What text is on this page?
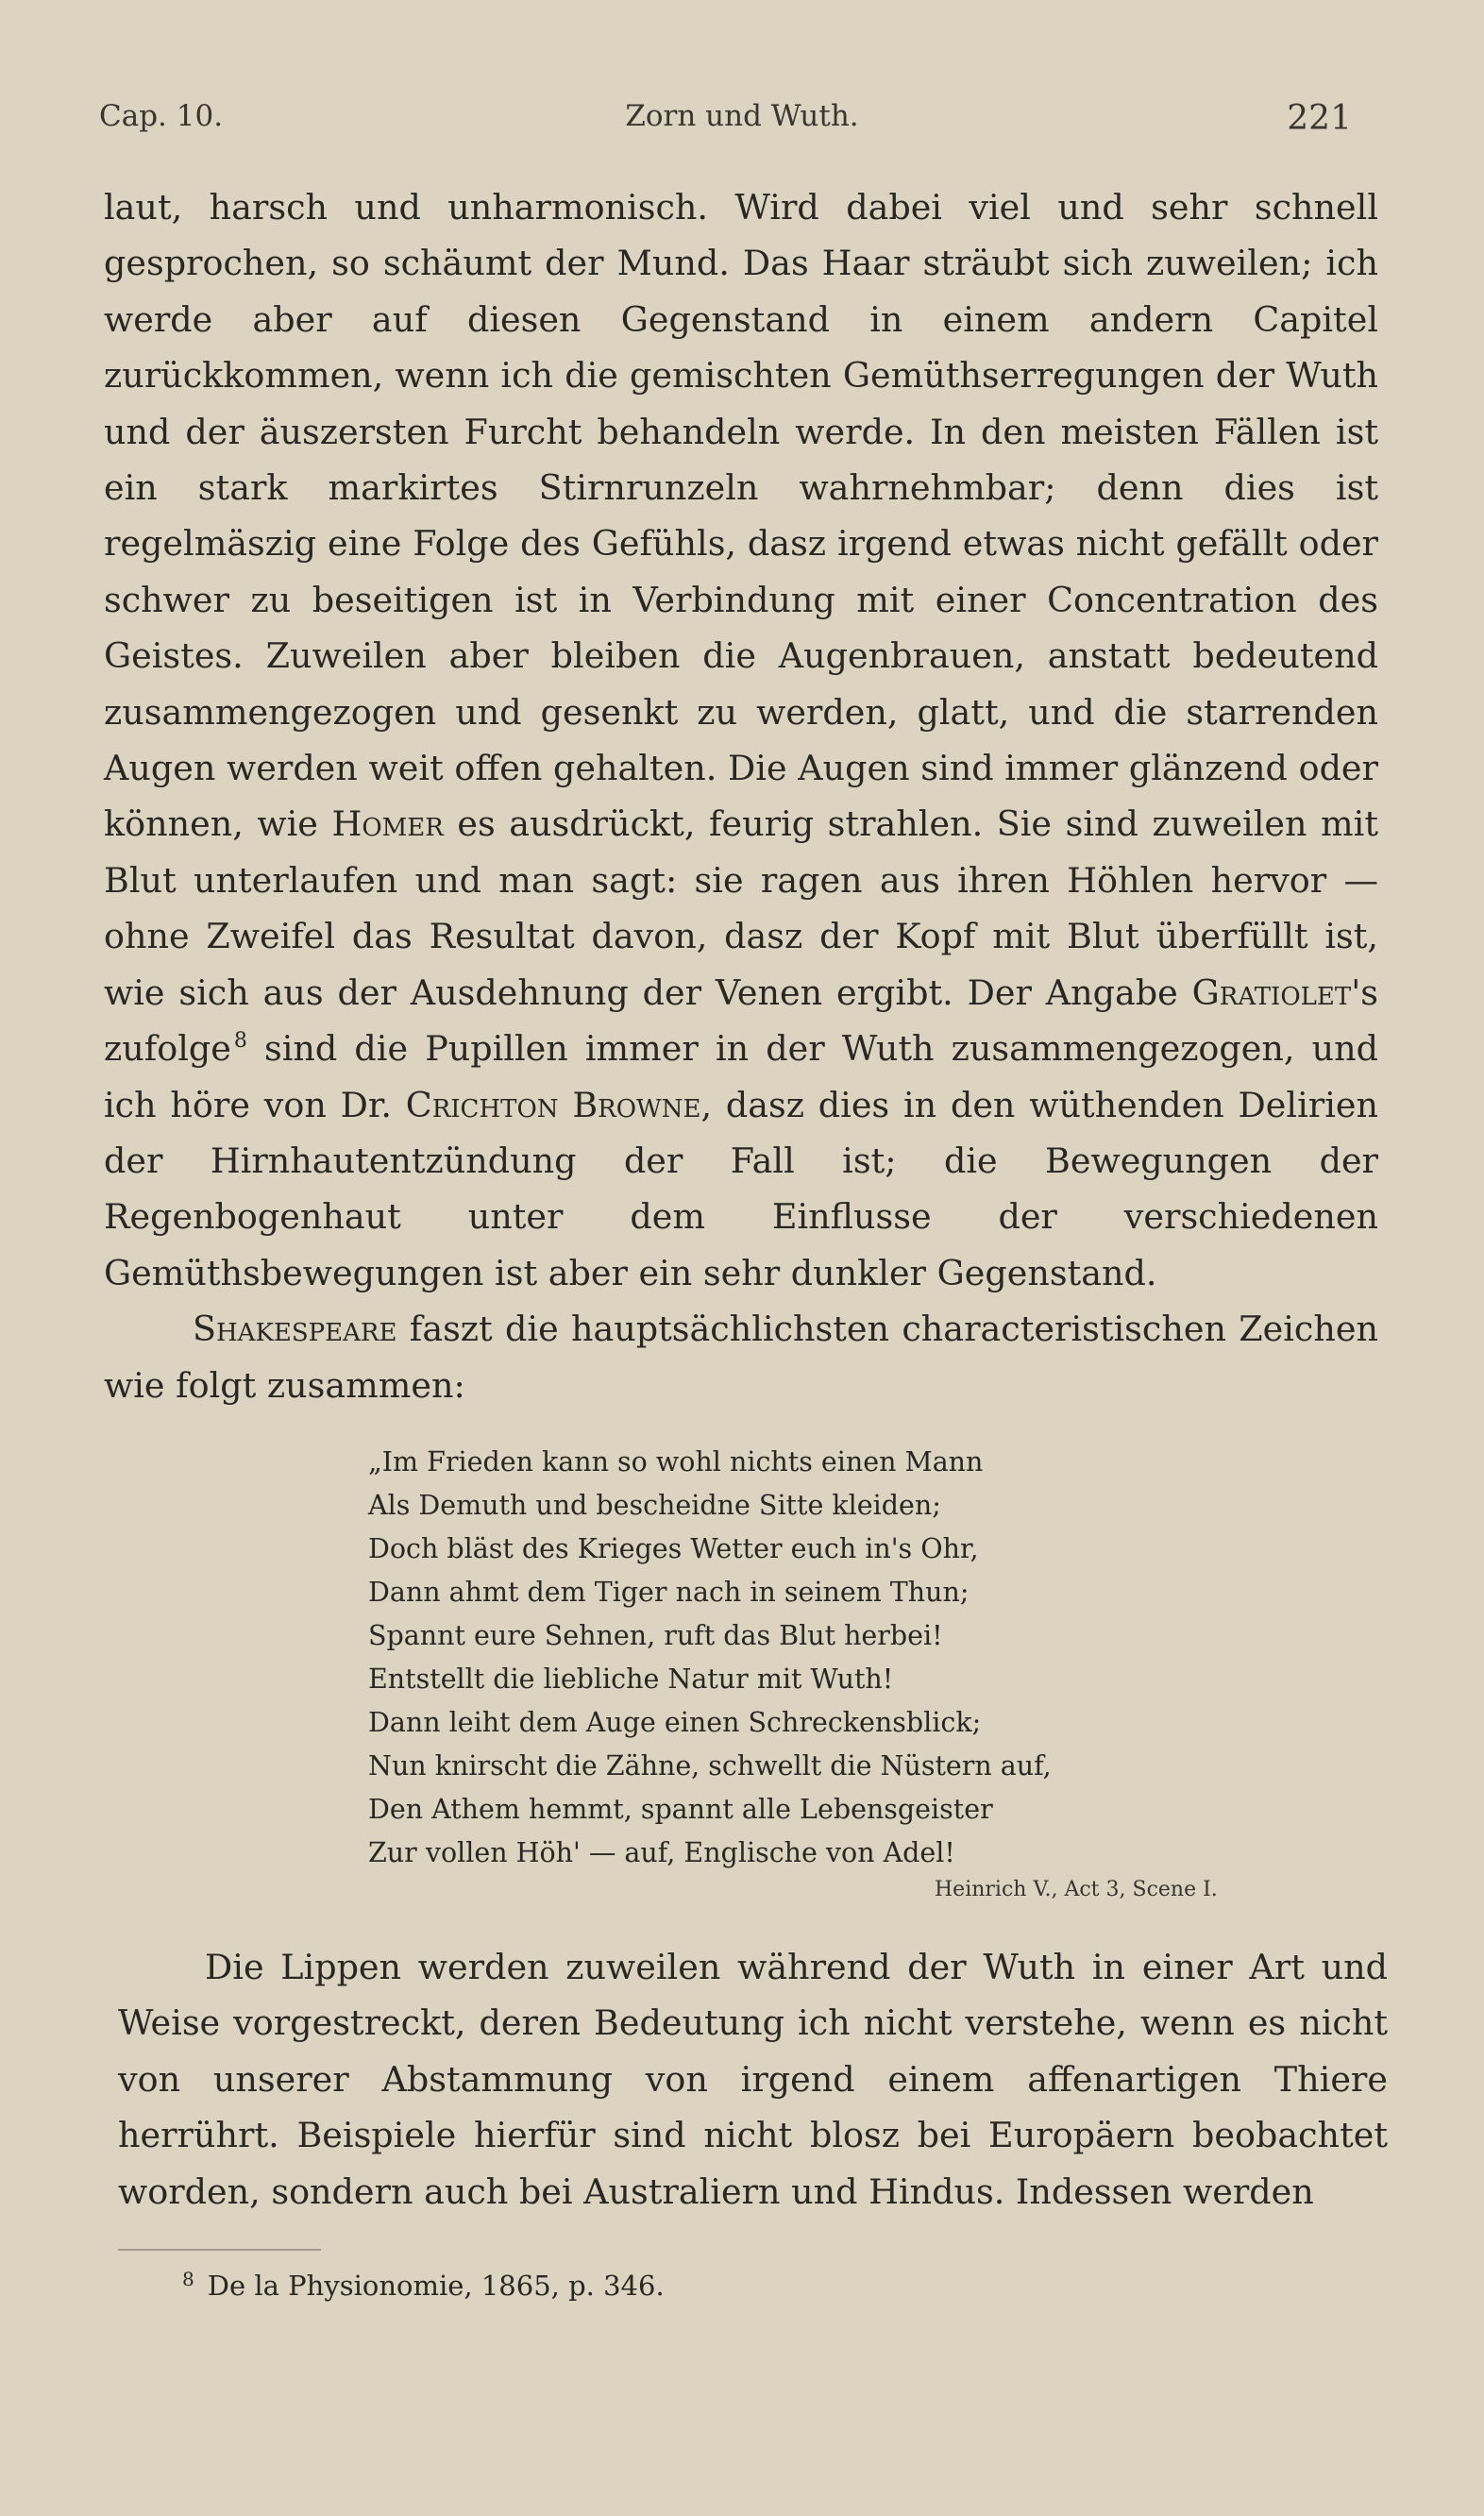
Cap. 10.	Zorn und Wuth.	221

laut, harsch und unharmonisch. Wird dabei viel und sehr schnell gesprochen, so schäumt der Mund. Das Haar sträubt sich zuweilen; ich werde aber auf diesen Gegenstand in einem andern Capitel zurückkommen, wenn ich die gemischten Gemüthserregungen der Wuth und der äuszersten Furcht behandeln werde. In den meisten Fällen ist ein stark markirtes Stirnrunzeln wahrnehmbar; denn dies ist regelmäszig eine Folge des Gefühls, dasz irgend etwas nicht gefällt oder schwer zu beseitigen ist in Verbindung mit einer Concentration des Geistes. Zuweilen aber bleiben die Augenbrauen, anstatt bedeutend zusammengezogen und gesenkt zu werden, glatt, und die starrenden Augen werden weit offen gehalten. Die Augen sind immer glänzend oder können, wie Homer es ausdrückt, feurig strahlen. Sie sind zuweilen mit Blut unterlaufen und man sagt: sie ragen aus ihren Höhlen hervor — ohne Zweifel das Resultat davon, dasz der Kopf mit Blut überfüllt ist, wie sich aus der Ausdehnung der Venen ergibt. Der Angabe Gratiolet's zufolge $^8$ sind die Pupillen immer in der Wuth zusammengezogen, und ich höre von Dr. Crichton Browne, dasz dies in den wüthenden Delirien der Hirnhautentzündung der Fall ist; die Bewegungen der Regenbogenhaut unter dem Einflusse der verschiedenen Gemüthsbewegungen ist aber ein sehr dunkler Gegenstand.

Shakespeare faszt die hauptsächlichsten characteristischen Zeichen wie folgt zusammen:

„Im Frieden kann so wohl nichts einen Mann
Als Demuth und bescheidne Sitte kleiden;
Doch bläst des Krieges Wetter euch in's Ohr,
Dann ahmt dem Tiger nach in seinem Thun;
Spannt eure Sehnen, ruft das Blut herbei!
Entstellt die liebliche Natur mit Wuth!
Dann leiht dem Auge einen Schreckensblick;
Nun knirscht die Zähne, schwellt die Nüstern auf,
Den Athem hemmt, spannt alle Lebensgeister
Zur vollen Höh' — auf, Englische von Adel!
Heinrich V., Act 3, Scene I.

Die Lippen werden zuweilen während der Wuth in einer Art und Weise vorgestreckt, deren Bedeutung ich nicht verstehe, wenn es nicht von unserer Abstammung von irgend einem affenartigen Thiere herrührt. Beispiele hierfür sind nicht blosz bei Europäern beobachtet worden, sondern auch bei Australiern und Hindus. Indessen werden

$^8$ De la Physionomie, 1865, p. 346.
